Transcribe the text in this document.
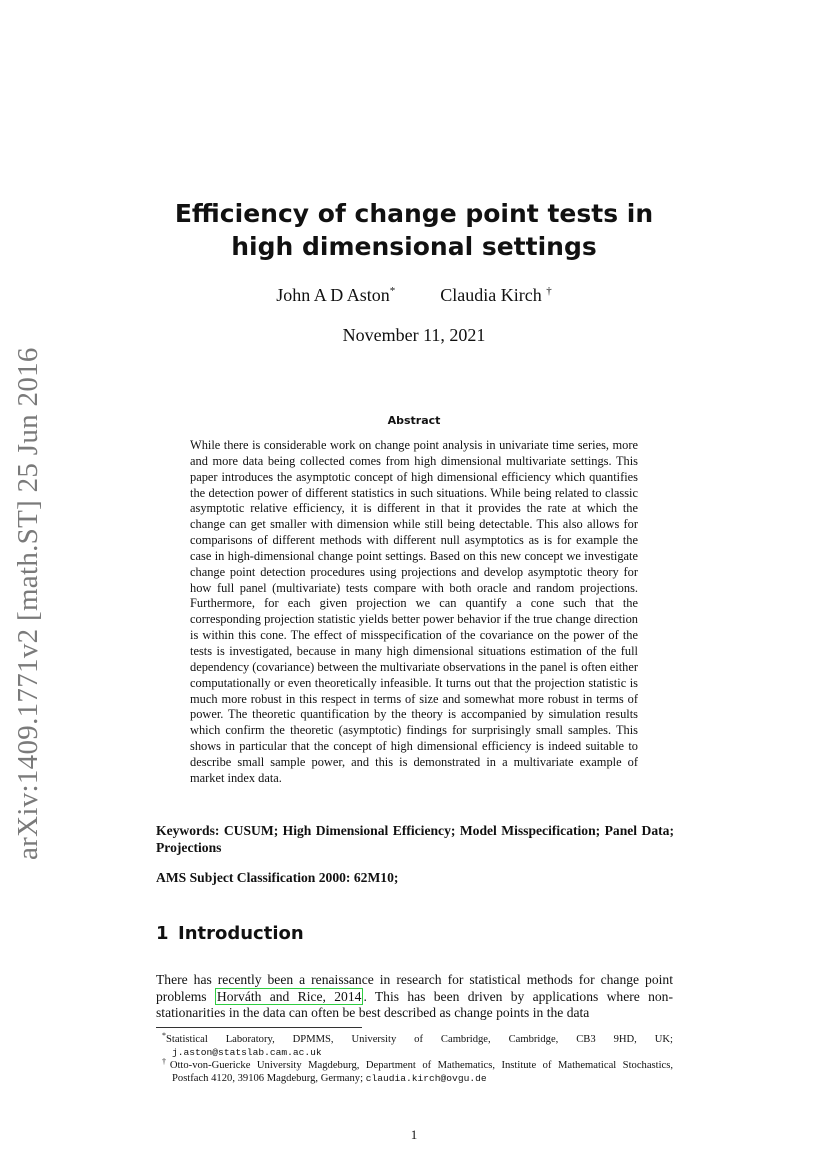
arXiv:1409.1771v2 [math.ST] 25 Jun 2016
Efficiency of change point tests in high dimensional settings
John A D Aston*	Claudia Kirch †
November 11, 2021
Abstract

While there is considerable work on change point analysis in univariate time series, more and more data being collected comes from high dimensional multivariate settings. This paper introduces the asymptotic concept of high dimensional efficiency which quantifies the detection power of different statistics in such situations. While being related to classic asymptotic relative efficiency, it is different in that it provides the rate at which the change can get smaller with dimension while still being detectable. This also allows for comparisons of different methods with different null asymptotics as is for example the case in high-dimensional change point settings. Based on this new concept we investigate change point detection procedures using projections and develop asymptotic theory for how full panel (multivariate) tests compare with both oracle and random projections. Furthermore, for each given projection we can quantify a cone such that the corresponding projection statistic yields better power behavior if the true change direction is within this cone. The effect of misspecification of the covariance on the power of the tests is investigated, because in many high dimensional situations estimation of the full dependency (covariance) between the multivariate observations in the panel is often either computationally or even theoretically infeasible. It turns out that the projection statistic is much more robust in this respect in terms of size and somewhat more robust in terms of power. The theoretic quantification by the theory is accompanied by simulation results which confirm the theoretic (asymptotic) findings for surprisingly small samples. This shows in particular that the concept of high dimensional efficiency is indeed suitable to describe small sample power, and this is demonstrated in a multivariate example of market index data.

Keywords: CUSUM; High Dimensional Efficiency; Model Misspecification; Panel Data; Projections
AMS Subject Classification 2000: 62M10;
1 Introduction

There has recently been a renaissance in research for statistical methods for change point problems Horváth and Rice, 2014 . This has been driven by applications where non-stationarities in the data can often be best described as change points in the data

*Statistical Laboratory, DPMMS, University of Cambridge, Cambridge, CB3 9HD, UK; j.aston@statslab.cam.ac.uk
†Otto-von-Guericke University Magdeburg, Department of Mathematics, Institute of Mathematical Stochastics, Postfach 4120, 39106 Magdeburg, Germany; claudia.kirch@ovgu.de
1
